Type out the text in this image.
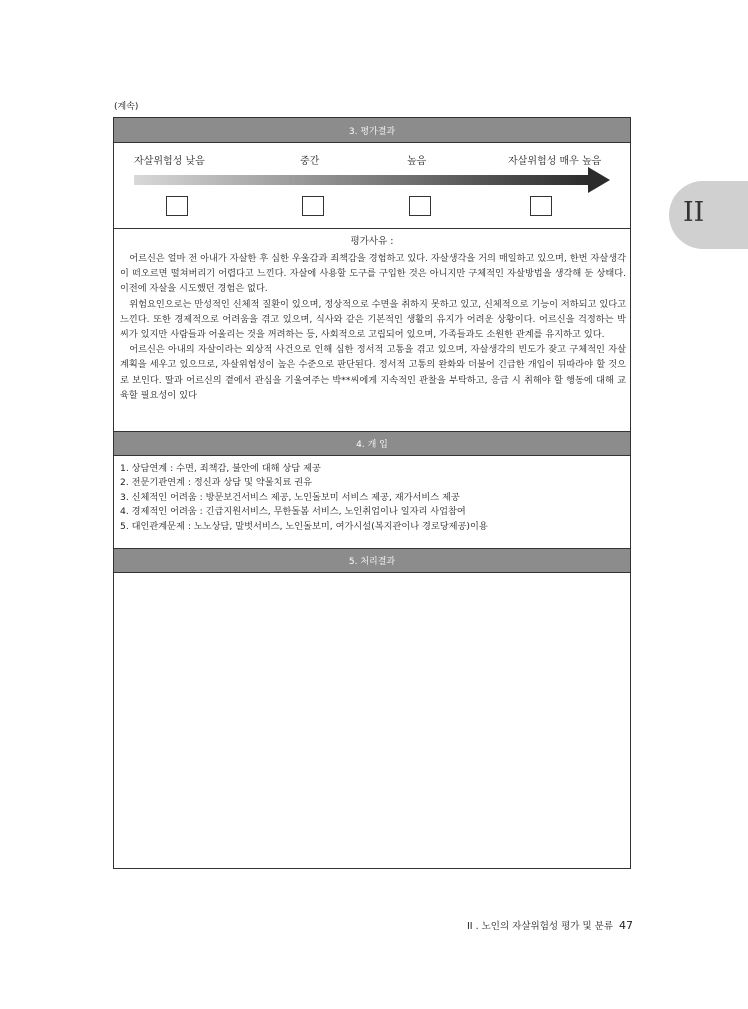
(계속)
3. 평가결과
자살위험성 낮음	중간	높음	자살위험성 매우 높음
평가사유 :

어르신은 얼마 전 아내가 자살한 후 심한 우울감과 죄책감을 경험하고 있다. 자살생각을 거의 매일하고 있으며, 한번 자살생각이 떠오르면 떨쳐버리기 어렵다고 느낀다. 자살에 사용할 도구를 구입한 것은 아니지만 구체적인 자살방법을 생각해 둔 상태다. 이전에 자살을 시도했던 경험은 없다.

위험요인으로는 만성적인 신체적 질환이 있으며, 정상적으로 수면을 취하지 못하고 있고, 신체적으로 기능이 저하되고 있다고 느낀다. 또한 경제적으로 어려움을 겪고 있으며, 식사와 같은 기본적인 생활의 유지가 어려운 상황이다. 어르신을 걱정하는 박 씨가 있지만 사람들과 어울리는 것을 꺼려하는 등, 사회적으로 고립되어 있으며, 가족들과도 소원한 관계를 유지하고 있다.

어르신은 아내의 자살이라는 외상적 사건으로 인해 심한 정서적 고통을 겪고 있으며, 자살생각의 빈도가 잦고 구체적인 자살계획을 세우고 있으므로, 자살위험성이 높은 수준으로 판단된다. 정서적 고통의 완화와 더불어 긴급한 개입이 뒤따라야 할 것으로 보인다. 딸과 어르신의 곁에서 관심을 기울여주는 박**씨에게 지속적인 관찰을 부탁하고, 응급 시 취해야 할 행동에 대해 교육할 필요성이 있다

4. 개 입
1. 상담연계 : 수면, 죄책감, 불안에 대해 상담 제공
2. 전문기관연계 : 정신과 상담 및 약물치료 권유
3. 신체적인 어려움 : 방문보건서비스 제공, 노인돌보미 서비스 제공, 재가서비스 제공
4. 경제적인 어려움 : 긴급지원서비스, 무한돌봄 서비스, 노인취업이나 일자리 사업참여
5. 대인관계문제 : 노노상담, 말벗서비스, 노인돌보미, 여가시설(복지관이나 경로당제공)이용
5. 처리결과
II
II . 노인의 자살위험성 평가 및 분류 47
